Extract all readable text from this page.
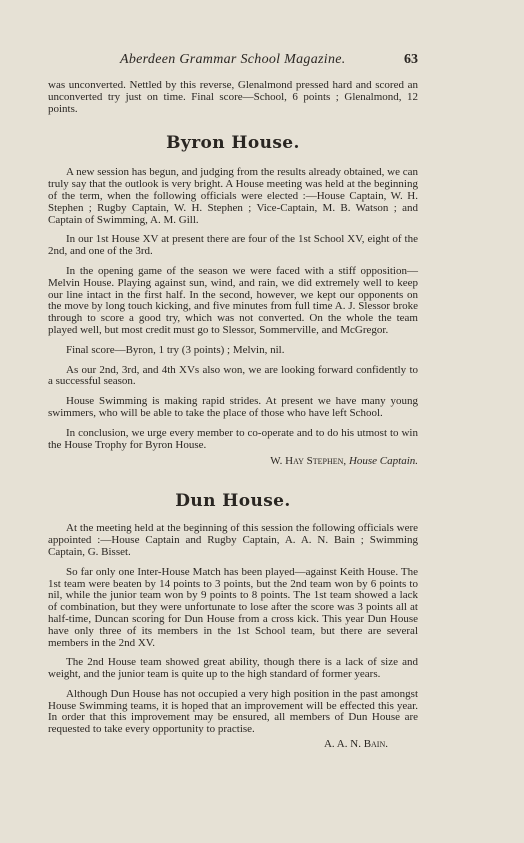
Aberdeen Grammar School Magazine.	63

was unconverted. Nettled by this reverse, Glenalmond pressed hard and scored an unconverted try just on time. Final score—School, 6 points ; Glenalmond, 12 points.

Byron House.

A new session has begun, and judging from the results already obtained, we can truly say that the outlook is very bright. A House meeting was held at the beginning of the term, when the following officials were elected :—House Captain, W. H. Stephen ; Rugby Captain, W. H. Stephen ; Vice-Captain, M. B. Watson ; and Captain of Swimming, A. M. Gill.

In our 1st House XV at present there are four of the 1st School XV, eight of the 2nd, and one of the 3rd.

In the opening game of the season we were faced with a stiff opposition—Melvin House. Playing against sun, wind, and rain, we did extremely well to keep our line intact in the first half. In the second, however, we kept our opponents on the move by long touch kicking, and five minutes from full time A. J. Slessor broke through to score a good try, which was not converted. On the whole the team played well, but most credit must go to Slessor, Sommerville, and McGregor.

Final score—Byron, 1 try (3 points) ; Melvin, nil.

As our 2nd, 3rd, and 4th XVs also won, we are looking forward confidently to a successful season.

House Swimming is making rapid strides. At present we have many young swimmers, who will be able to take the place of those who have left School.

In conclusion, we urge every member to co-operate and to do his utmost to win the House Trophy for Byron House.

W. Hay Stephen, House Captain.
Dun House.

At the meeting held at the beginning of this session the following officials were appointed :—House Captain and Rugby Captain, A. A. N. Bain ; Swimming Captain, G. Bisset.

So far only one Inter-House Match has been played—against Keith House. The 1st team were beaten by 14 points to 3 points, but the 2nd team won by 6 points to nil, while the junior team won by 9 points to 8 points. The 1st team showed a lack of combination, but they were unfortunate to lose after the score was 3 points all at half-time, Duncan scoring for Dun House from a cross kick. This year Dun House have only three of its members in the 1st School team, but there are several members in the 2nd XV.

The 2nd House team showed great ability, though there is a lack of size and weight, and the junior team is quite up to the high standard of former years.

Although Dun House has not occupied a very high position in the past amongst House Swimming teams, it is hoped that an improvement will be effected this year. In order that this improvement may be ensured, all members of Dun House are requested to take every opportunity to practise.

A. A. N. Bain.
